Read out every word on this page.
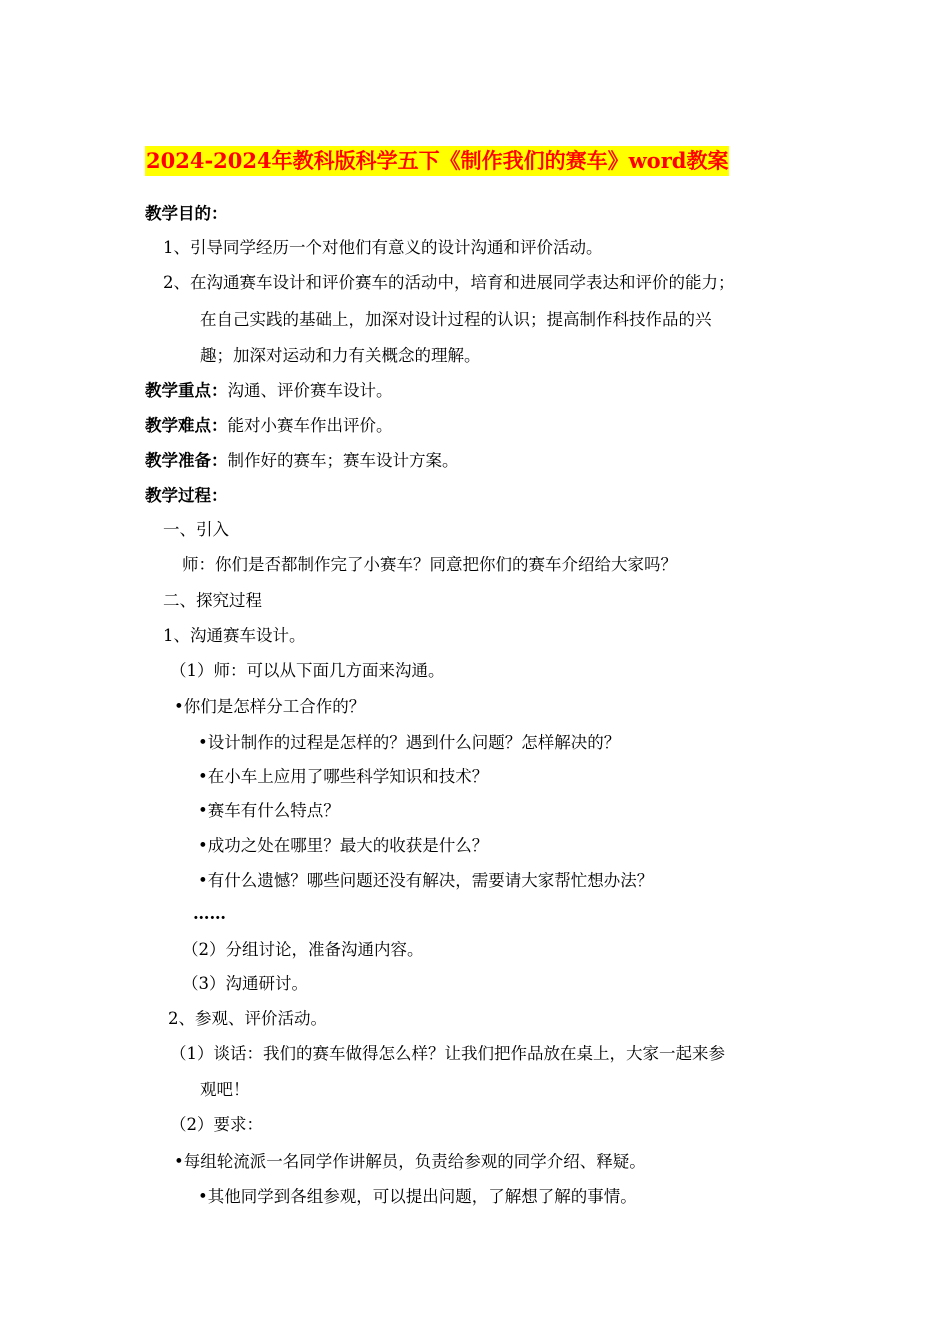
2024-2024年教科版科学五下《制作我们的赛车》word教案
教学目的：
1、引导同学经历一个对他们有意义的设计沟通和评价活动。
2、在沟通赛车设计和评价赛车的活动中，培育和进展同学表达和评价的能力；
在自己实践的基础上，加深对设计过程的认识；提高制作科技作品的兴
趣；加深对运动和力有关概念的理解。
教学重点：沟通、评价赛车设计。
教学难点：能对小赛车作出评价。
教学准备：制作好的赛车；赛车设计方案。
教学过程：
一、引入
师：你们是否都制作完了小赛车？同意把你们的赛车介绍给大家吗？
二、探究过程
1、沟通赛车设计。
（1）师：可以从下面几方面来沟通。
•你们是怎样分工合作的？
•设计制作的过程是怎样的？遇到什么问题？怎样解决的？
•在小车上应用了哪些科学知识和技术？
•赛车有什么特点？
•成功之处在哪里？最大的收获是什么？
•有什么遗憾？哪些问题还没有解决，需要请大家帮忙想办法？
……
（2）分组讨论，准备沟通内容。
（3）沟通研讨。
2、参观、评价活动。
（1）谈话：我们的赛车做得怎么样？让我们把作品放在桌上，大家一起来参
观吧！
（2）要求：
•每组轮流派一名同学作讲解员，负责给参观的同学介绍、释疑。
•其他同学到各组参观，可以提出问题，了解想了解的事情。
